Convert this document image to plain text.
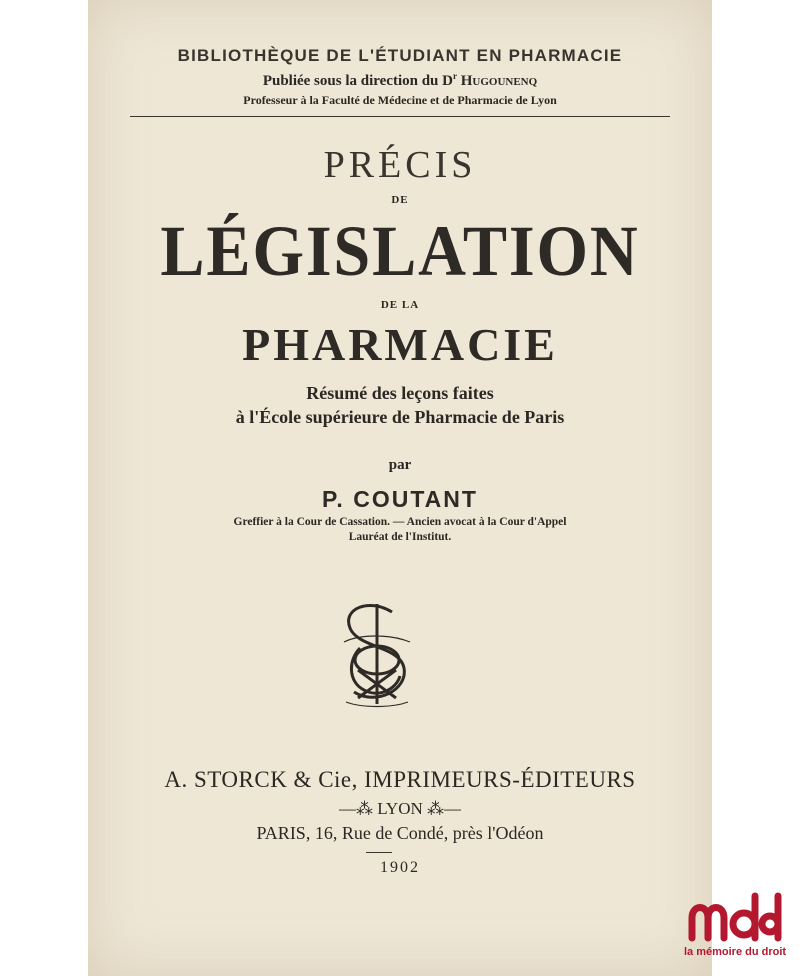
BIBLIOTHÈQUE DE L'ÉTUDIANT EN PHARMACIE
Publiée sous la direction du $D^r$ Hugounenq
Professeur à la Faculté de Médecine et de Pharmacie de Lyon
PRÉCIS
DE
LÉGISLATION
DE LA
PHARMACIE
Résumé des leçons faites
à l'École supérieure de Pharmacie de Paris
par
P. COUTANT
Greffier à la Cour de Cassation. — Ancien avocat à la Cour d'Appel
Lauréat de l'Institut.
A. STORCK & Cie, IMPRIMEURS-ÉDITEURS
—⁂ LYON ⁂—
PARIS, 16, Rue de Condé, près l'Odéon
1902
la mémoire du droit
